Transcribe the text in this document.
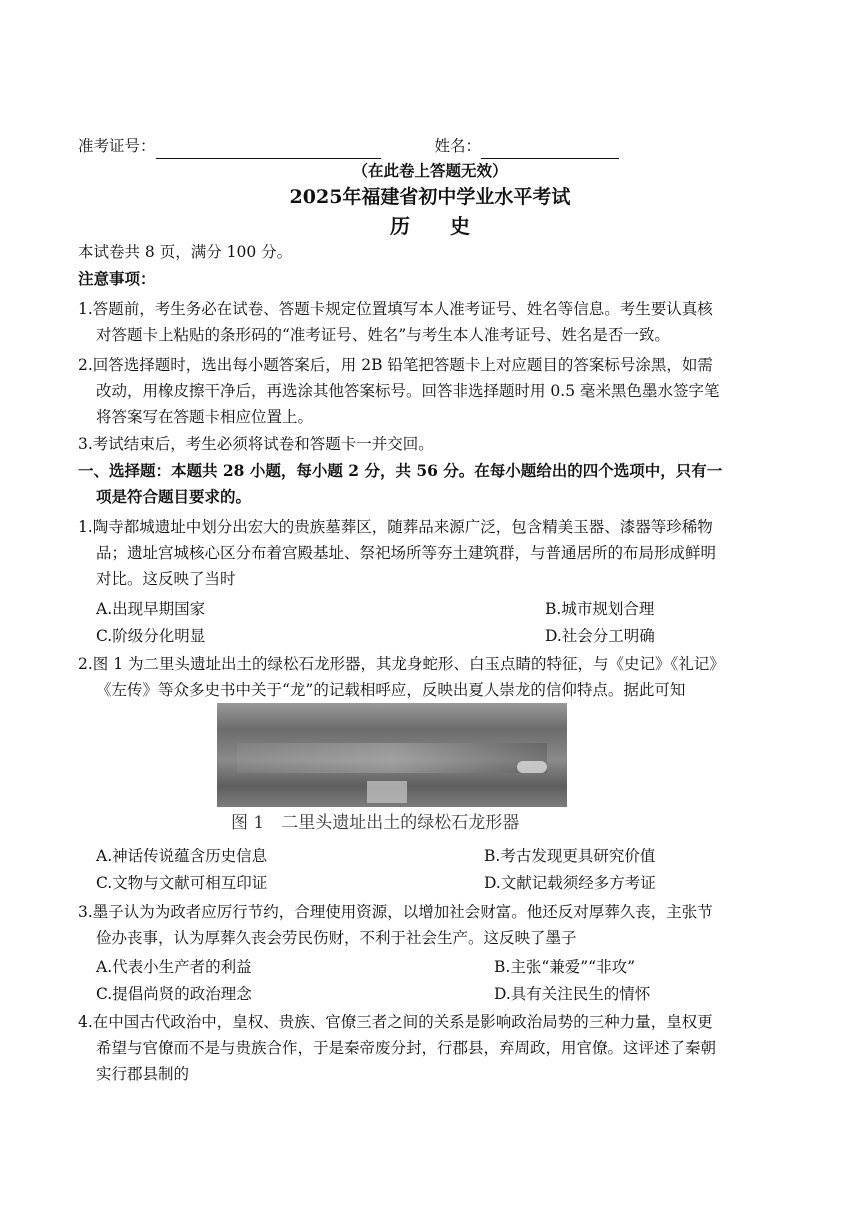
准考证号：	姓名：
（在此卷上答题无效）
2025年福建省初中学业水平考试
历　　史
本试卷共 8 页，满分 100 分。
注意事项：
1.答题前，考生务必在试卷、答题卡规定位置填写本人准考证号、姓名等信息。考生要认真核
对答题卡上粘贴的条形码的“准考证号、姓名”与考生本人准考证号、姓名是否一致。
2.回答选择题时，选出每小题答案后，用 2B 铅笔把答题卡上对应题目的答案标号涂黑，如需
改动，用橡皮擦干净后，再选涂其他答案标号。回答非选择题时用 0.5 毫米黑色墨水签字笔
将答案写在答题卡相应位置上。
3.考试结束后，考生必须将试卷和答题卡一并交回。
一、选择题：本题共 28 小题，每小题 2 分，共 56 分。在每小题给出的四个选项中，只有一
项是符合题目要求的。
1.陶寺都城遗址中划分出宏大的贵族墓葬区，随葬品来源广泛，包含精美玉器、漆器等珍稀物
品；遗址宫城核心区分布着宫殿基址、祭祀场所等夯土建筑群，与普通居所的布局形成鲜明
对比。这反映了当时
A.出现早期国家	B.城市规划合理
C.阶级分化明显	D.社会分工明确
2.图 1 为二里头遗址出土的绿松石龙形器，其龙身蛇形、白玉点睛的特征，与《史记》《礼记》
《左传》等众多史书中关于“龙”的记载相呼应，反映出夏人崇龙的信仰特点。据此可知
图 1　二里头遗址出土的绿松石龙形器
A.神话传说蕴含历史信息	B.考古发现更具研究价值
C.文物与文献可相互印证	D.文献记载须经多方考证
3.墨子认为为政者应厉行节约，合理使用资源，以增加社会财富。他还反对厚葬久丧，主张节
俭办丧事，认为厚葬久丧会劳民伤财，不利于社会生产。这反映了墨子
A.代表小生产者的利益	B.主张“兼爱”“非攻”
C.提倡尚贤的政治理念	D.具有关注民生的情怀
4.在中国古代政治中，皇权、贵族、官僚三者之间的关系是影响政治局势的三种力量，皇权更
希望与官僚而不是与贵族合作，于是秦帝废分封，行郡县，弃周政，用官僚。这评述了秦朝
实行郡县制的
